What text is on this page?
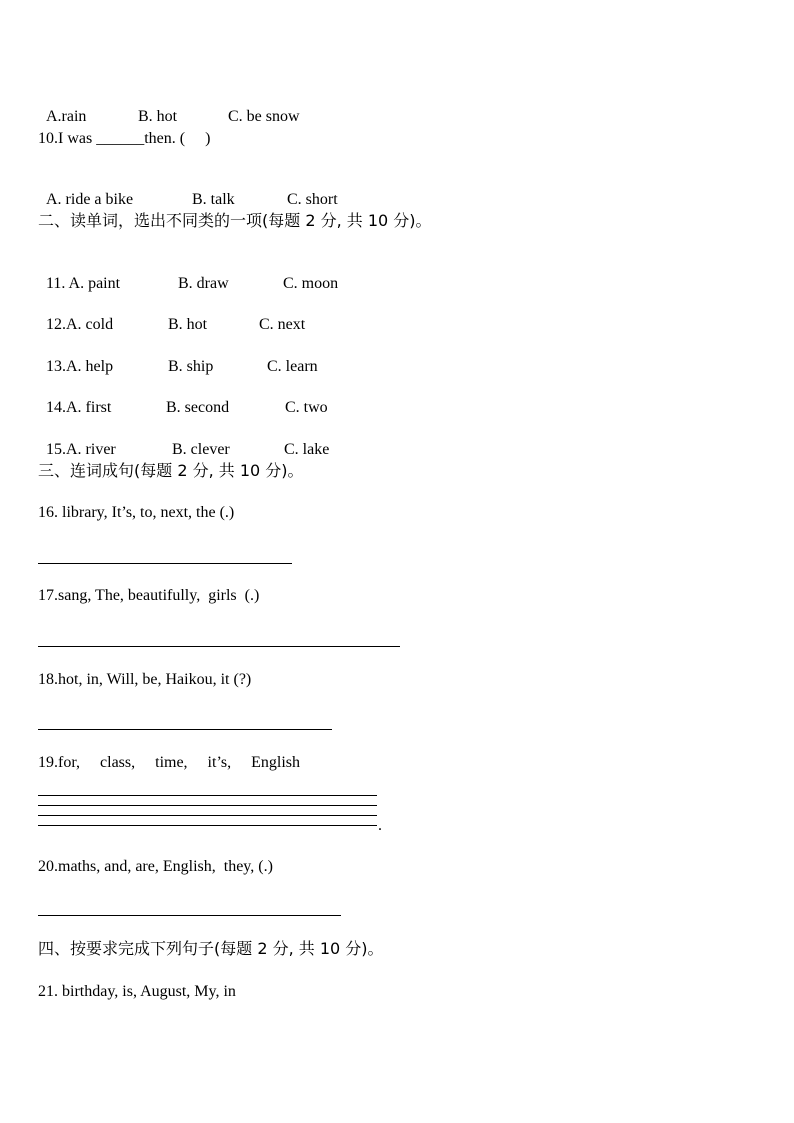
A.rain	B. hot	C. be snow

10.I was ______then. (     )

A. ride a bike	B. talk	C. short

二、读单词，选出不同类的一项(每题 2 分, 共 10 分)。

11. A. paint	B. draw	C. moon

12.A. cold	B. hot	C. next

13.A. help	B. ship	C. learn

14.A. first	B. second	C. two

15.A. river	B. clever	C. lake

三、连词成句(每题 2 分, 共 10 分)。
16. library, It’s, to, next, the (.)
17.sang, The, beautifully,  girls  (.)
18.hot, in, Will, be, Haikou, it (?)
19.for,     class,     time,     it’s,     English
.
20.maths, and, are, English,  they, (.)
四、按要求完成下列句子(每题 2 分, 共 10 分)。
21. birthday, is, August, My, in
